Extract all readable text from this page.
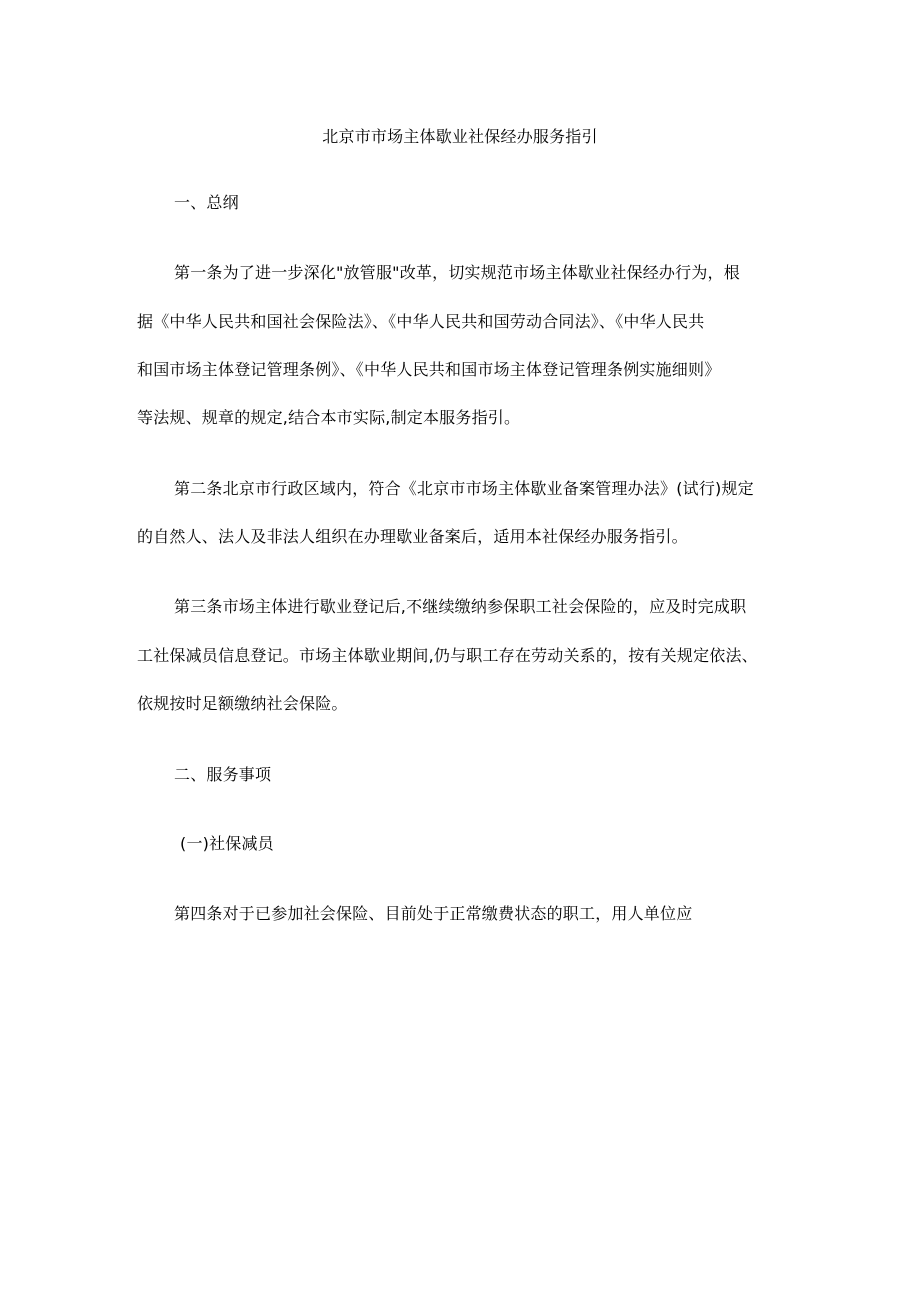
北京市市场主体歇业社保经办服务指引
一、总纲
第一条为了进一步深化"放管服"改革，切实规范市场主体歇业社保经办行为，根
据《中华人民共和国社会保险法》、《中华人民共和国劳动合同法》、《中华人民共
和国市场主体登记管理条例》、《中华人民共和国市场主体登记管理条例实施细则》
等法规、规章的规定,结合本市实际,制定本服务指引。
第二条北京市行政区域内，符合《北京市市场主体歇业备案管理办法》(试行)规定
的自然人、法人及非法人组织在办理歇业备案后，适用本社保经办服务指引。
第三条市场主体进行歇业登记后,不继续缴纳参保职工社会保险的，应及时完成职
工社保减员信息登记。市场主体歇业期间,仍与职工存在劳动关系的，按有关规定依法、
依规按时足额缴纳社会保险。
二、服务事项
(一)社保减员
第四条对于已参加社会保险、目前处于正常缴费状态的职工，用人单位应
